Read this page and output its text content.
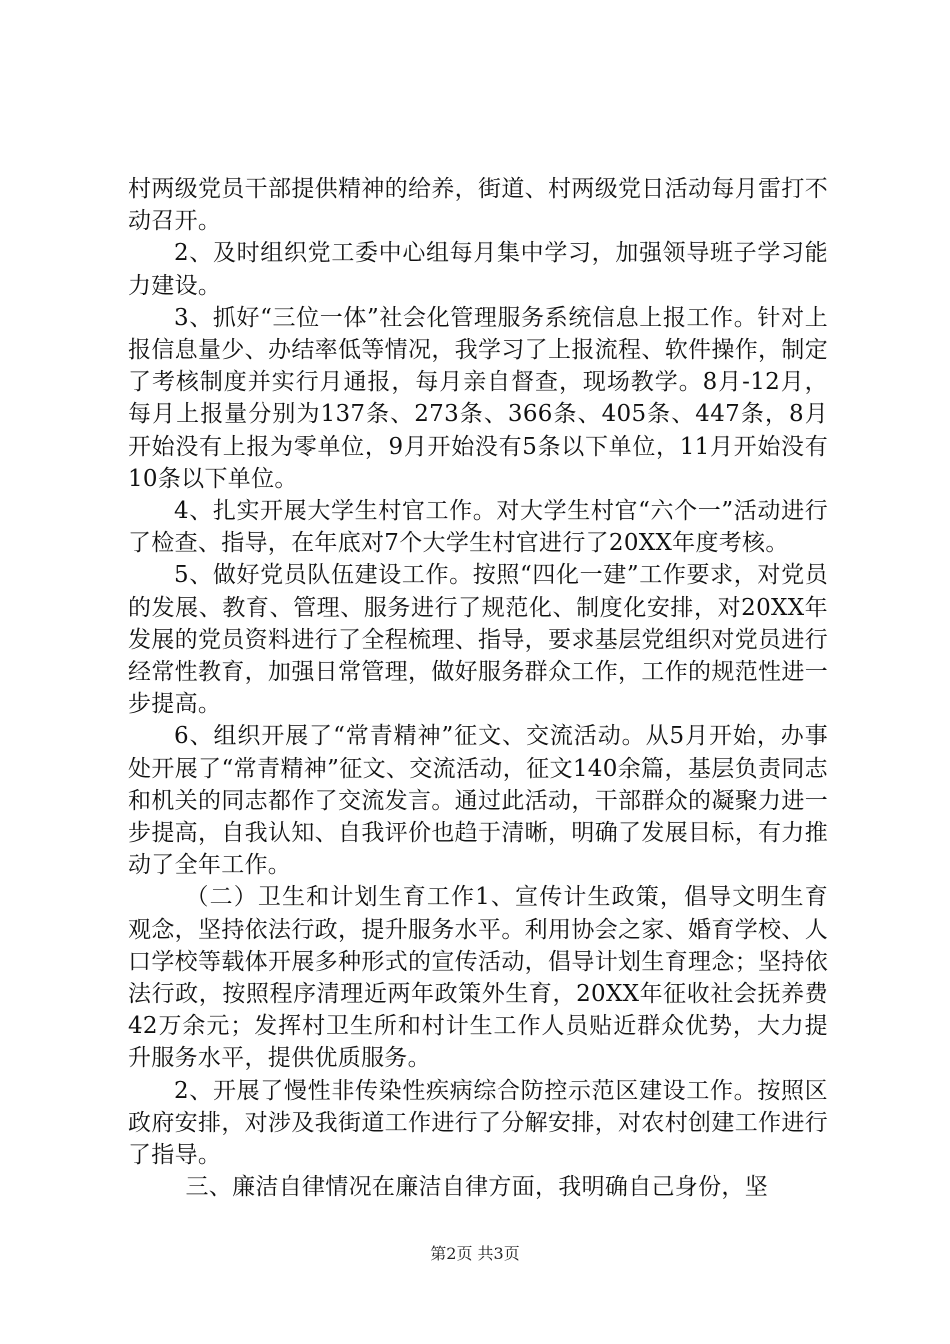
村两级党员干部提供精神的给养，街道、村两级党日活动每月雷打不动召开。

2、及时组织党工委中心组每月集中学习，加强领导班子学习能力建设。

3、抓好“三位一体”社会化管理服务系统信息上报工作。针对上报信息量少、办结率低等情况，我学习了上报流程、软件操作，制定了考核制度并实行月通报，每月亲自督查，现场教学。8月-12月，每月上报量分别为137条、273条、366条、405条、447条，8月开始没有上报为零单位，9月开始没有5条以下单位，11月开始没有10条以下单位。

4、扎实开展大学生村官工作。对大学生村官“六个一”活动进行了检查、指导，在年底对7个大学生村官进行了20XX年度考核。

5、做好党员队伍建设工作。按照“四化一建”工作要求，对党员的发展、教育、管理、服务进行了规范化、制度化安排，对20XX年发展的党员资料进行了全程梳理、指导，要求基层党组织对党员进行经常性教育，加强日常管理，做好服务群众工作，工作的规范性进一步提高。

6、组织开展了“常青精神”征文、交流活动。从5月开始，办事处开展了“常青精神”征文、交流活动，征文140余篇，基层负责同志和机关的同志都作了交流发言。通过此活动，干部群众的凝聚力进一步提高，自我认知、自我评价也趋于清晰，明确了发展目标，有力推动了全年工作。

（二）卫生和计划生育工作1、宣传计生政策，倡导文明生育观念，坚持依法行政，提升服务水平。利用协会之家、婚育学校、人口学校等载体开展多种形式的宣传活动，倡导计划生育理念；坚持依法行政，按照程序清理近两年政策外生育，20XX年征收社会抚养费42万余元；发挥村卫生所和村计生工作人员贴近群众优势，大力提升服务水平，提供优质服务。

2、开展了慢性非传染性疾病综合防控示范区建设工作。按照区政府安排，对涉及我街道工作进行了分解安排，对农村创建工作进行了指导。

三、廉洁自律情况在廉洁自律方面，我明确自己身份，坚

第2页 共3页
